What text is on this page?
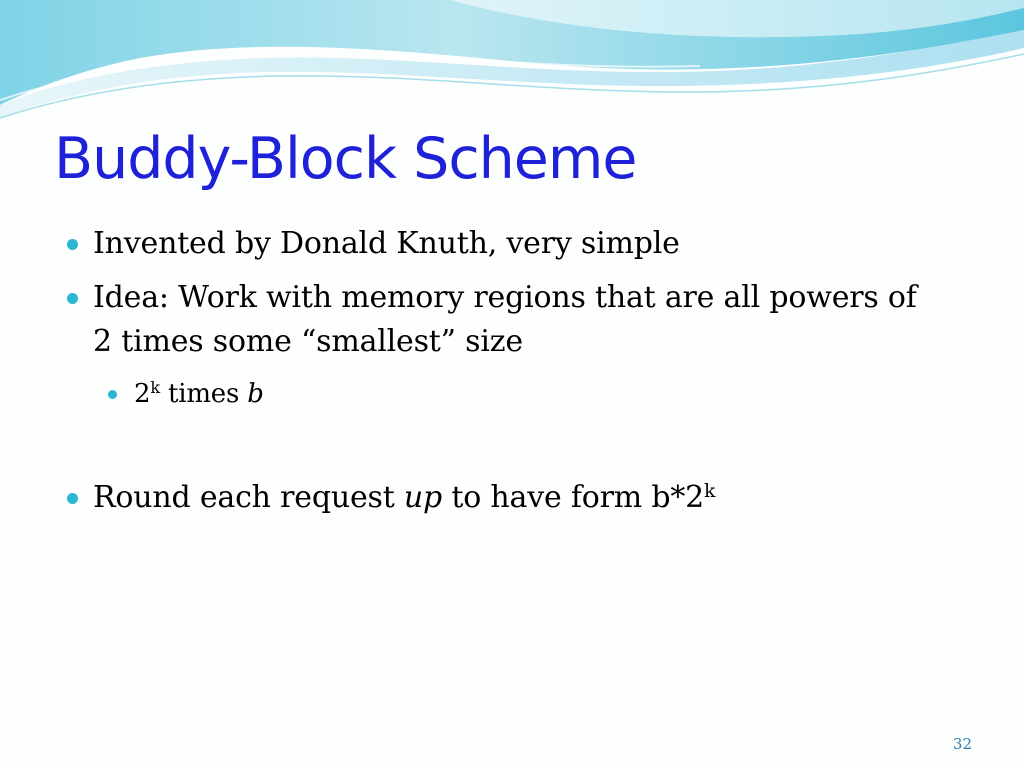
Buddy-Block Scheme
Invented by Donald Knuth, very simple
Idea: Work with memory regions that are all powers of
2 times some “smallest” size
2$^k$ times b
Round each request up to have form b*2$^k$
32
